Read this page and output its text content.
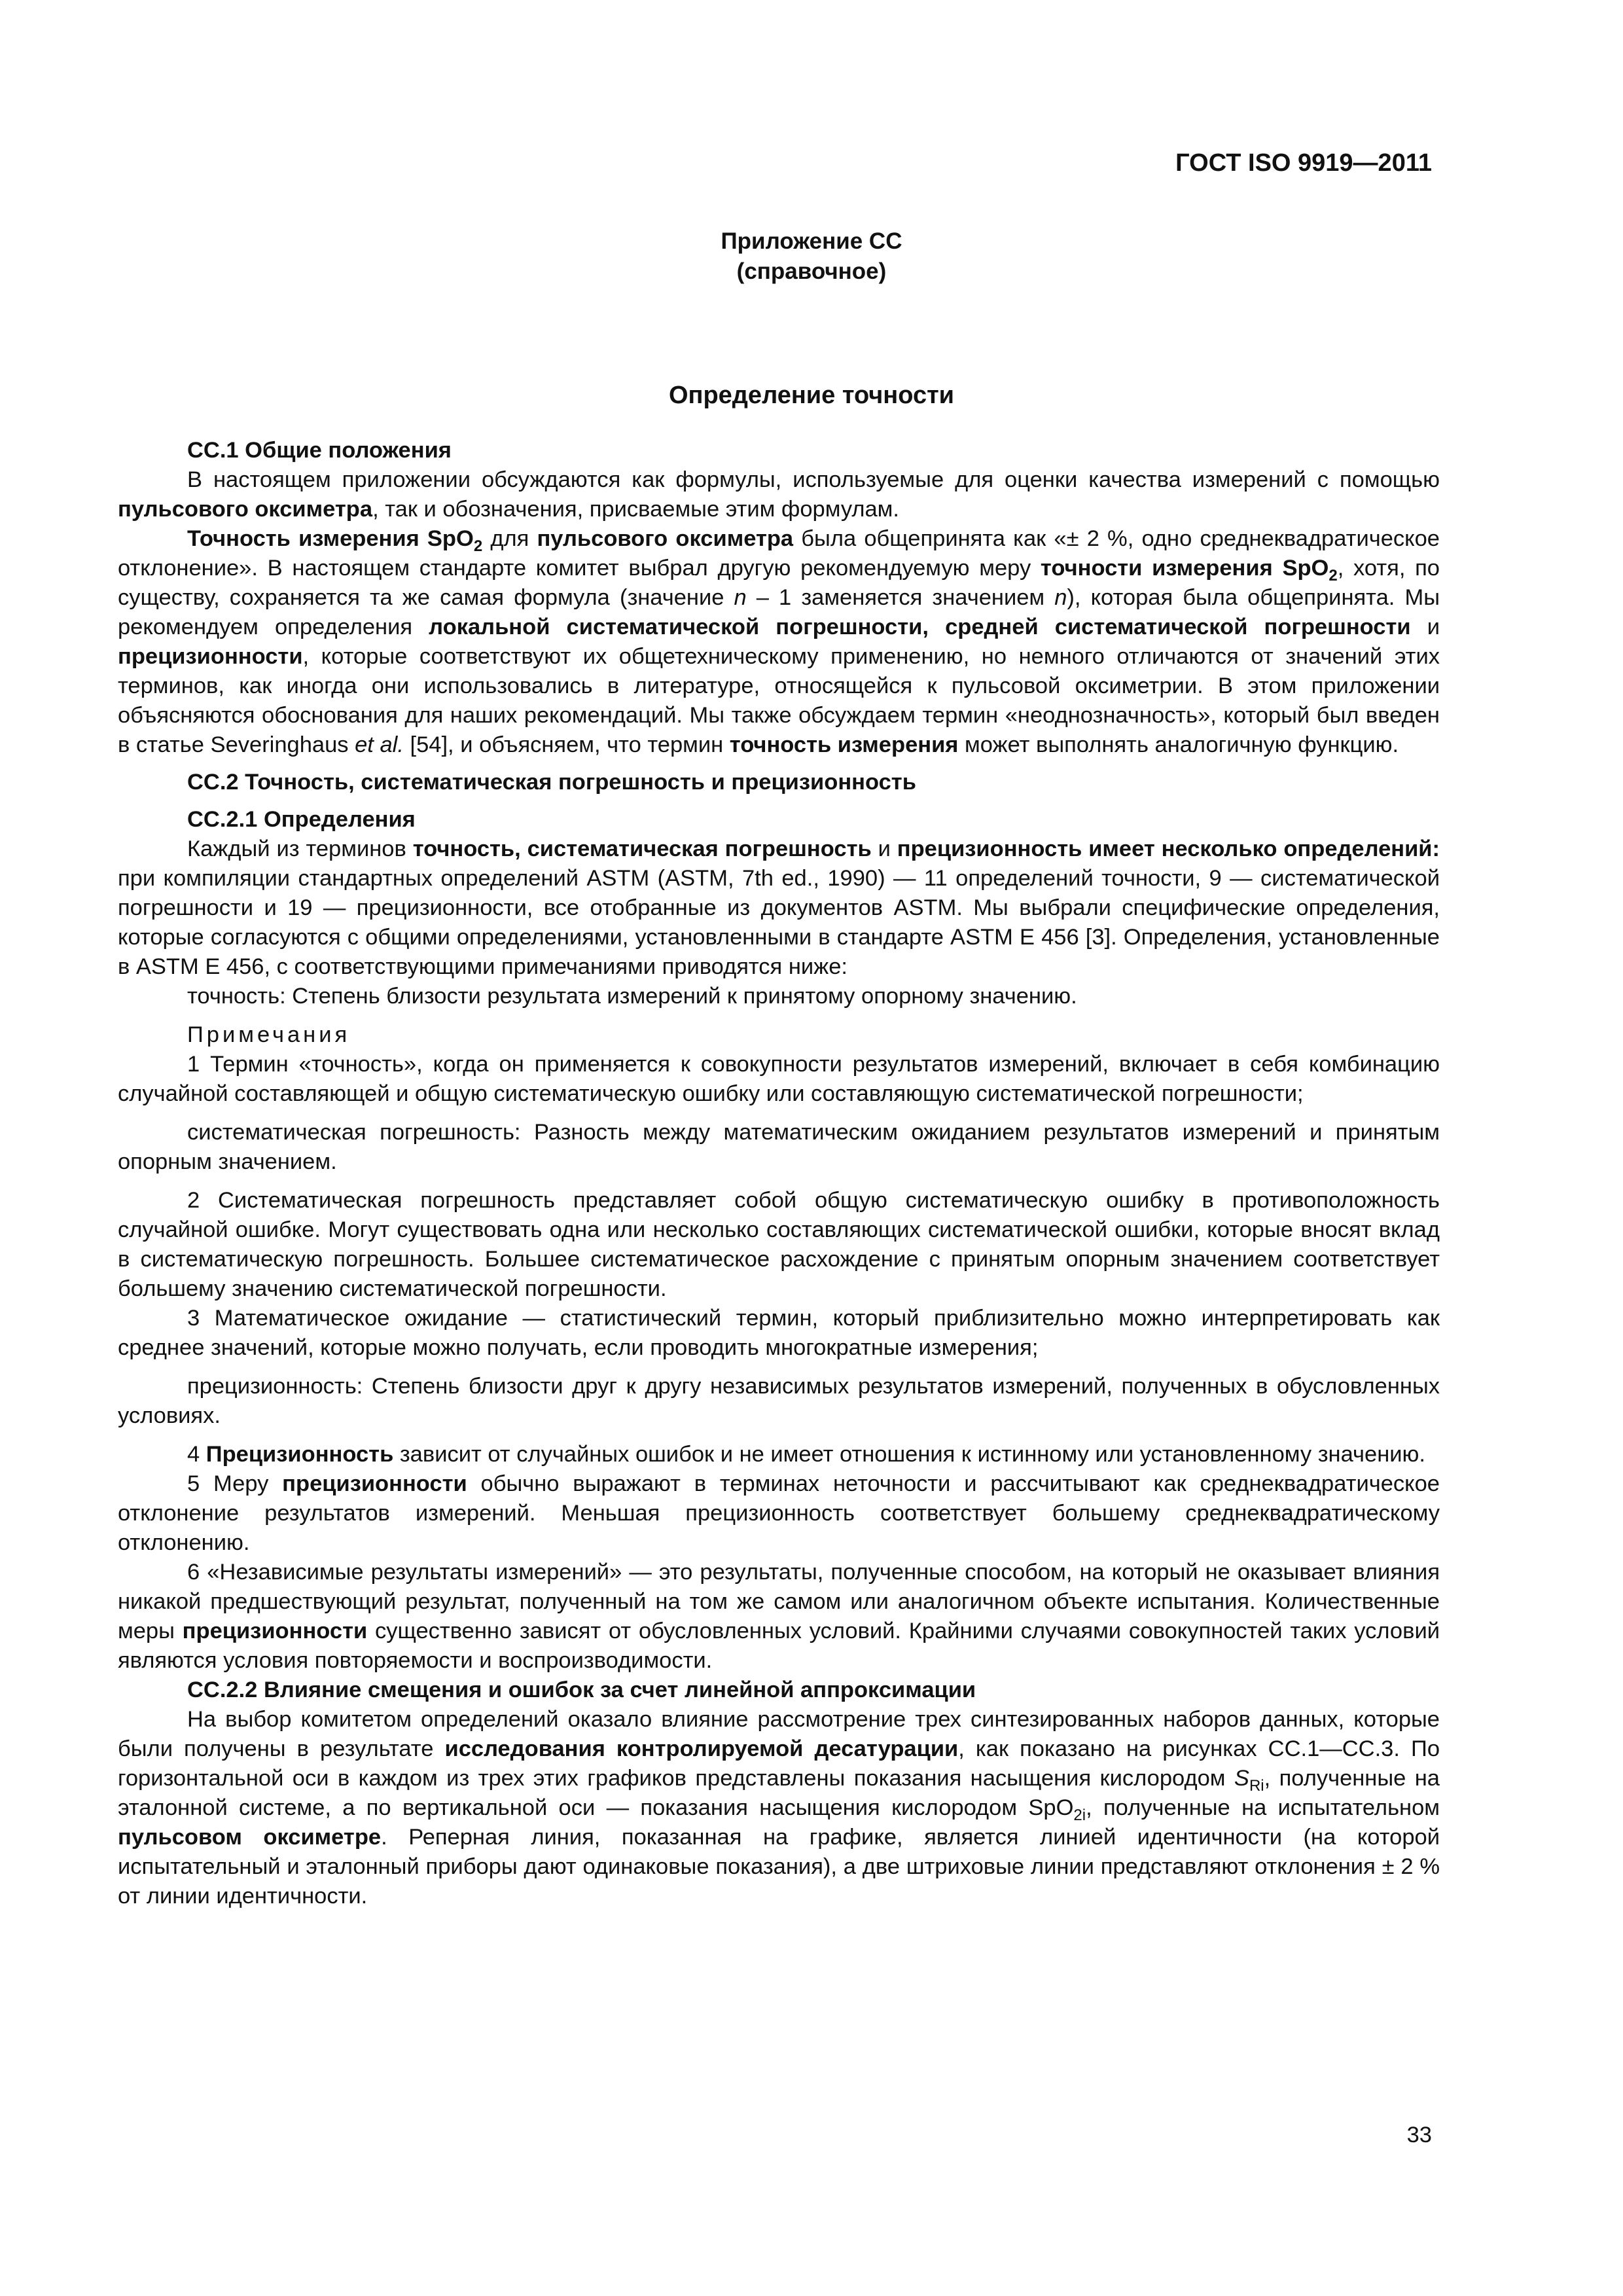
ГОСТ ISO 9919—2011
Приложение СС
(справочное)
Определение точности

СС.1 Общие положения

В настоящем приложении обсуждаются как формулы, используемые для оценки качества измерений с помощью пульсового оксиметра, так и обозначения, присваемые этим формулам.

Точность измерения SpO$_2$ для пульсового оксиметра была общепринята как «± 2 %, одно среднеквадратическое отклонение». В настоящем стандарте комитет выбрал другую рекомендуемую меру точности измерения SpO$_2$, хотя, по существу, сохраняется та же самая формула (значение n – 1 заменяется значением n), которая была общепринята. Мы рекомендуем определения локальной систематической погрешности, средней систематической погрешности и прецизионности, которые соответствуют их общетехническому применению, но немного отличаются от значений этих терминов, как иногда они использовались в литературе, относящейся к пульсовой оксиметрии. В этом приложении объясняются обоснования для наших рекомендаций. Мы также обсуждаем термин «неоднозначность», который был введен в статье Severinghaus et al. [54], и объясняем, что термин точность измерения может выполнять аналогичную функцию.

СС.2 Точность, систематическая погрешность и прецизионность

СС.2.1 Определения

Каждый из терминов точность, систематическая погрешность и прецизионность имеет несколько определений: при компиляции стандартных определений ASTM (ASTM, 7th ed., 1990) — 11 определений точности, 9 — систематической погрешности и 19 — прецизионности, все отобранные из документов ASTM. Мы выбрали специфические определения, которые согласуются с общими определениями, установленными в стандарте ASTM E 456 [3]. Определения, установленные в ASTM E 456, с соответствующими примечаниями приводятся ниже:

точность: Степень близости результата измерений к принятому опорному значению.

Примечания

1 Термин «точность», когда он применяется к совокупности результатов измерений, включает в себя комбинацию случайной составляющей и общую систематическую ошибку или составляющую систематической погрешности;

систематическая погрешность: Разность между математическим ожиданием результатов измерений и принятым опорным значением.

2 Систематическая погрешность представляет собой общую систематическую ошибку в противоположность случайной ошибке. Могут существовать одна или несколько составляющих систематической ошибки, которые вносят вклад в систематическую погрешность. Большее систематическое расхождение с принятым опорным значением соответствует большему значению систематической погрешности.

3 Математическое ожидание — статистический термин, который приблизительно можно интерпретировать как среднее значений, которые можно получать, если проводить многократные измерения;

прецизионность: Степень близости друг к другу независимых результатов измерений, полученных в обусловленных условиях.

4 Прецизионность зависит от случайных ошибок и не имеет отношения к истинному или установленному значению.

5 Меру прецизионности обычно выражают в терминах неточности и рассчитывают как среднеквадратическое отклонение результатов измерений. Меньшая прецизионность соответствует большему среднеквадратическому отклонению.

6 «Независимые результаты измерений» — это результаты, полученные способом, на который не оказывает влияния никакой предшествующий результат, полученный на том же самом или аналогичном объекте испытания. Количественные меры прецизионности существенно зависят от обусловленных условий. Крайними случаями совокупностей таких условий являются условия повторяемости и воспроизводимости.

СС.2.2 Влияние смещения и ошибок за счет линейной аппроксимации

На выбор комитетом определений оказало влияние рассмотрение трех синтезированных наборов данных, которые были получены в результате исследования контролируемой десатурации, как показано на рисунках СС.1—СС.3. По горизонтальной оси в каждом из трех этих графиков представлены показания насыщения кислородом $S_{Ri}$, полученные на эталонной системе, а по вертикальной оси — показания насыщения кислородом SpO$_{2i}$, полученные на испытательном пульсовом оксиметре. Реперная линия, показанная на графике, является линией идентичности (на которой испытательный и эталонный приборы дают одинаковые показания), а две штриховые линии представляют отклонения ± 2 % от линии идентичности.

33
